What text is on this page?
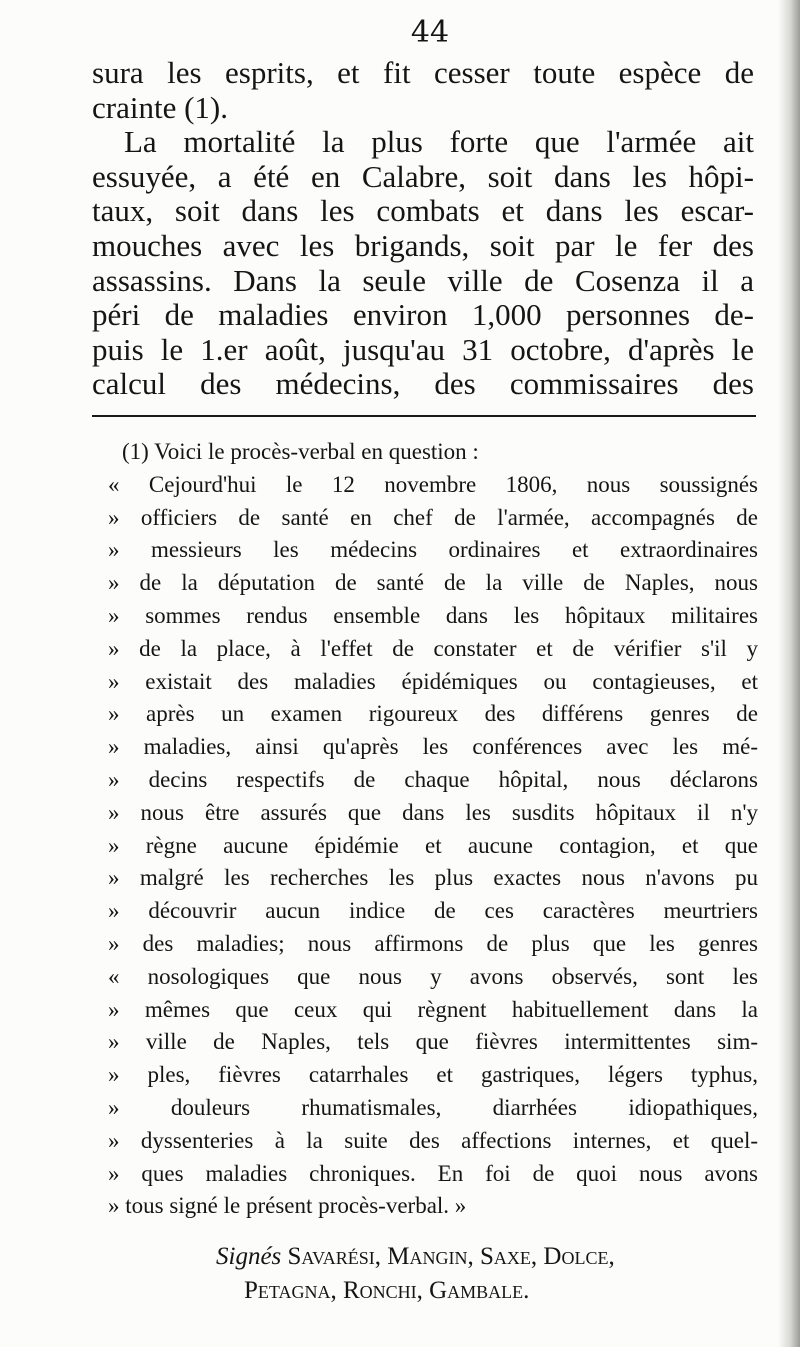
44
sura les esprits, et fit cesser toute espèce de
crainte (1).
La mortalité la plus forte que l'armée ait
essuyée, a été en Calabre, soit dans les hôpi-
taux, soit dans les combats et dans les escar-
mouches avec les brigands, soit par le fer des
assassins. Dans la seule ville de Cosenza il a
péri de maladies environ 1,000 personnes de-
puis le 1.er août, jusqu'au 31 octobre, d'après le
calcul des médecins, des commissaires des
(1) Voici le procès-verbal en question :
« Cejourd'hui le 12 novembre 1806, nous soussignés
» officiers de santé en chef de l'armée, accompagnés de
» messieurs les médecins ordinaires et extraordinaires
» de la députation de santé de la ville de Naples, nous
» sommes rendus ensemble dans les hôpitaux militaires
» de la place, à l'effet de constater et de vérifier s'il y
» existait des maladies épidémiques ou contagieuses, et
» après un examen rigoureux des différens genres de
» maladies, ainsi qu'après les conférences avec les mé-
» decins respectifs de chaque hôpital, nous déclarons
» nous être assurés que dans les susdits hôpitaux il n'y
» règne aucune épidémie et aucune contagion, et que
» malgré les recherches les plus exactes nous n'avons pu
» découvrir aucun indice de ces caractères meurtriers
» des maladies; nous affirmons de plus que les genres
« nosologiques que nous y avons observés, sont les
» mêmes que ceux qui règnent habituellement dans la
» ville de Naples, tels que fièvres intermittentes sim-
» ples, fièvres catarrhales et gastriques, légers typhus,
» douleurs rhumatismales, diarrhées idiopathiques,
» dyssenteries à la suite des affections internes, et quel-
» ques maladies chroniques. En foi de quoi nous avons
» tous signé le présent procès-verbal. »
Signés Savarési, Mangin, Saxe, Dolce,
Petagna, Ronchi, Gambale.
